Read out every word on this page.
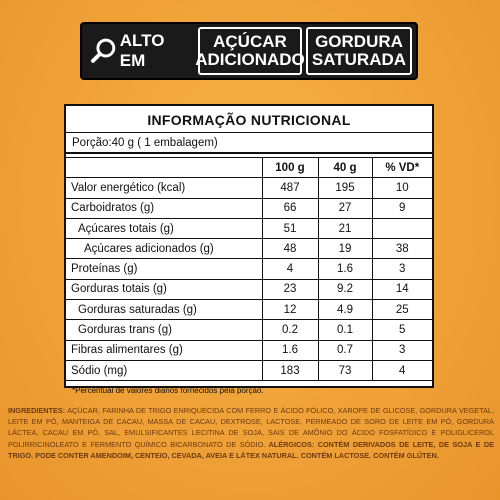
ALTO EM
AÇÚCAR
ADICIONADO
GORDURA
SATURADA
INFORMAÇÃO NUTRICIONAL
Porção:40 g ( 1 embalagem)

	100 g	40 g	% VD*
Valor energético (kcal)	487	195	10
Carboidratos (g)	66	27	9
Açúcares totais (g)	51	21	
Açúcares adicionados (g)	48	19	38
Proteínas (g)	4	1.6	3
Gorduras totais (g)	23	9.2	14
Gorduras saturadas (g)	12	4.9	25
Gorduras trans (g)	0.2	0.1	5
Fibras alimentares (g)	1.6	0.7	3
Sódio (mg)	183	73	4
*Percentual de valores diários fornecidos pela porção.
INGREDIENTES: AÇÚCAR, FARINHA DE TRIGO ENRIQUECIDA COM FERRO E ÁCIDO FÓLICO, XAROPE DE GLICOSE, GORDURA VEGETAL, LEITE EM PÓ, MANTEIGA DE CACAU, MASSA DE CACAU, DEXTROSE, LACTOSE, PERMEADO DE SORO DE LEITE EM PÓ, GORDURA LÁCTEA, CACAU EM PÓ, SAL, EMULSIFICANTES LECITINA DE SOJA, SAIS DE AMÔNIO DO ÁCIDO FOSFATÍDICO E POLIGLICEROL POLIRRICINOLEATO E FERMENTO QUÍMICO BICARBONATO DE SÓDIO. ALÉRGICOS: CONTÉM DERIVADOS DE LEITE, DE SOJA E DE TRIGO. PODE CONTER AMENDOIM, CENTEIO, CEVADA, AVEIA E LÁTEX NATURAL. CONTÉM LACTOSE. CONTÉM GLÚTEN.
